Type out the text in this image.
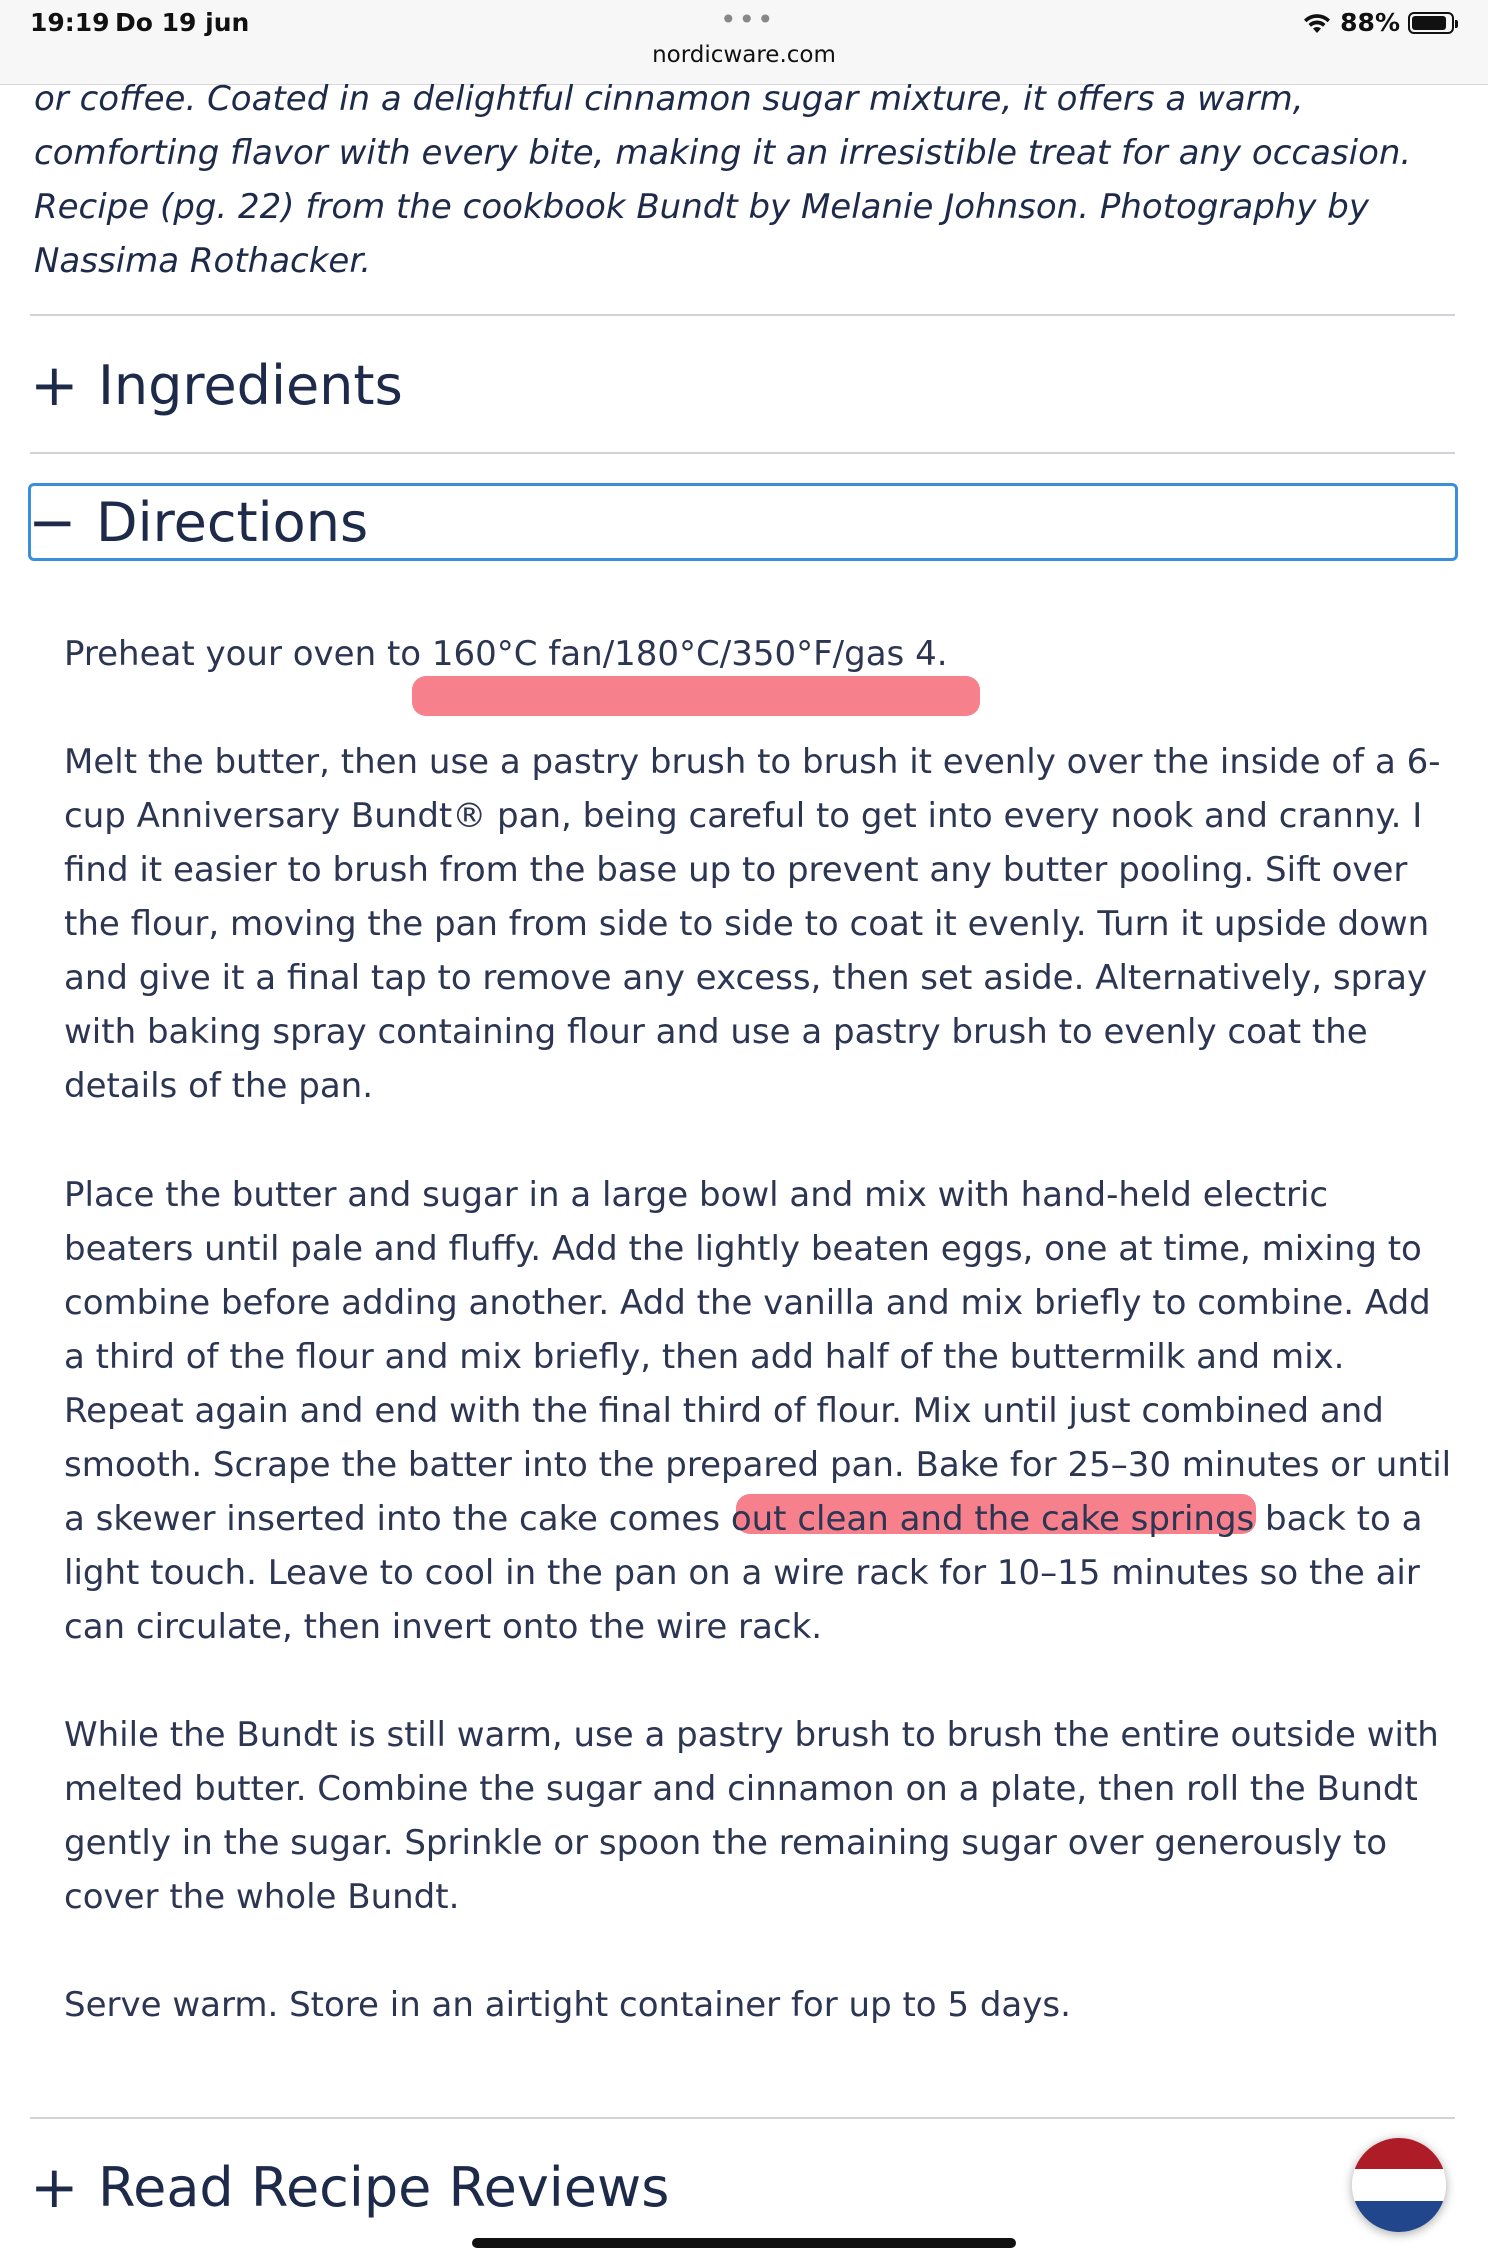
19:19 Do 19 jun	•••
nordicware.com
88%

or coffee. Coated in a delightful cinnamon sugar mixture, it offers a warm, comforting flavor with every bite, making it an irresistible treat for any occasion. Recipe (pg. 22) from the cookbook Bundt by Melanie Johnson. Photography by Nassima Rothacker.

+ Ingredients
− Directions

Preheat your oven to 160°C fan/180°C/350°F/gas 4.

Melt the butter, then use a pastry brush to brush it evenly over the inside of a 6-cup Anniversary Bundt® pan, being careful to get into every nook and cranny. I find it easier to brush from the base up to prevent any butter pooling. Sift over the flour, moving the pan from side to side to coat it evenly. Turn it upside down and give it a final tap to remove any excess, then set aside. Alternatively, spray with baking spray containing flour and use a pastry brush to evenly coat the details of the pan.

Place the butter and sugar in a large bowl and mix with hand-held electric beaters until pale and fluffy. Add the lightly beaten eggs, one at time, mixing to combine before adding another. Add the vanilla and mix briefly to combine. Add a third of the flour and mix briefly, then add half of the buttermilk and mix. Repeat again and end with the final third of flour. Mix until just combined and smooth. Scrape the batter into the prepared pan. Bake for 25–30 minutes or until a skewer inserted into the cake comes out clean and the cake springs back to a light touch. Leave to cool in the pan on a wire rack for 10–15 minutes so the air can circulate, then invert onto the wire rack.

While the Bundt is still warm, use a pastry brush to brush the entire outside with melted butter. Combine the sugar and cinnamon on a plate, then roll the Bundt gently in the sugar. Sprinkle or spoon the remaining sugar over generously to cover the whole Bundt.

Serve warm. Store in an airtight container for up to 5 days.

+ Read Recipe Reviews
